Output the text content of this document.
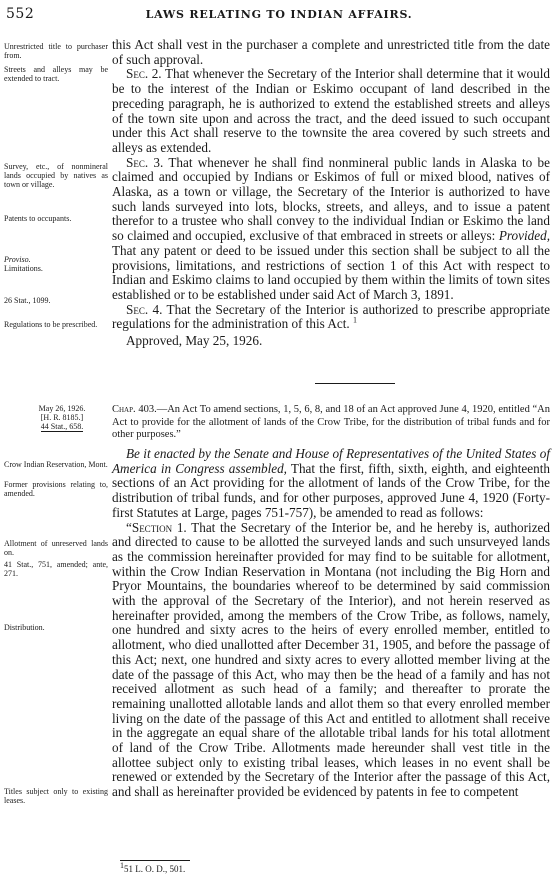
552	LAWS RELATING TO INDIAN AFFAIRS.
Unrestricted title to purchaser from.
Streets and alleys may be extended to tract.
Survey, etc., of nonmineral lands occupied by natives as town or village.
Patents to occupants.
Proviso.
Limitations.
26 Stat., 1099.
Regulations to be prescribed.

this Act shall vest in the purchaser a complete and unrestricted title from the date of such approval.

Sec. 2. That whenever the Secretary of the Interior shall determine that it would be to the interest of the Indian or Eskimo occupant of land described in the preceding paragraph, he is authorized to extend the established streets and alleys of the town site upon and across the tract, and the deed issued to such occupant under this Act shall reserve to the townsite the area covered by such streets and alleys as extended.

Sec. 3. That whenever he shall find nonmineral public lands in Alaska to be claimed and occupied by Indians or Eskimos of full or mixed blood, natives of Alaska, as a town or village, the Secretary of the Interior is authorized to have such lands surveyed into lots, blocks, streets, and alleys, and to issue a patent therefor to a trustee who shall convey to the individual Indian or Eskimo the land so claimed and occupied, exclusive of that embraced in streets or alleys: Provided, That any patent or deed to be issued under this section shall be subject to all the provisions, limitations, and restrictions of section 1 of this Act with respect to Indian and Eskimo claims to land occupied by them within the limits of town sites established or to be established under said Act of March 3, 1891.

Sec. 4. That the Secretary of the Interior is authorized to prescribe appropriate regulations for the administration of this Act. $^1$

Approved, May 25, 1926.

May 26, 1926.
[H. R. 8185.]
44 Stat., 658.
Chap. 403.—An Act To amend sections, 1, 5, 6, 8, and 18 of an Act approved June 4, 1920, entitled “An Act to provide for the allotment of lands of the Crow Tribe, for the distribution of tribal funds and for other purposes.”
Crow Indian Reservation, Mont.
Former provisions relating to, amended.
Allotment of unreserved lands on.
41 Stat., 751, amended; ante, 271.
Distribution.
Titles subject only to existing leases.

Be it enacted by the Senate and House of Representatives of the United States of America in Congress assembled, That the first, fifth, sixth, eighth, and eighteenth sections of an Act providing for the allotment of lands of the Crow Tribe, for the distribution of tribal funds, and for other purposes, approved June 4, 1920 (Forty-first Statutes at Large, pages 751-757), be amended to read as follows:

“Section 1. That the Secretary of the Interior be, and he hereby is, authorized and directed to cause to be allotted the surveyed lands and such unsurveyed lands as the commission hereinafter provided for may find to be suitable for allotment, within the Crow Indian Reservation in Montana (not including the Big Horn and Pryor Mountains, the boundaries whereof to be determined by said commission with the approval of the Secretary of the Interior), and not herein reserved as hereinafter provided, among the members of the Crow Tribe, as follows, namely, one hundred and sixty acres to the heirs of every enrolled member, entitled to allotment, who died unallotted after December 31, 1905, and before the passage of this Act; next, one hundred and sixty acres to every allotted member living at the date of the passage of this Act, who may then be the head of a family and has not received allotment as such head of a family; and thereafter to prorate the remaining unallotted allotable lands and allot them so that every enrolled member living on the date of the passage of this Act and entitled to allotment shall receive in the aggregate an equal share of the allotable tribal lands for his total allotment of land of the Crow Tribe. Allotments made hereunder shall vest title in the allottee subject only to existing tribal leases, which leases in no event shall be renewed or extended by the Secretary of the Interior after the passage of this Act, and shall as hereinafter provided be evidenced by patents in fee to competent

151 L. O. D., 501.
